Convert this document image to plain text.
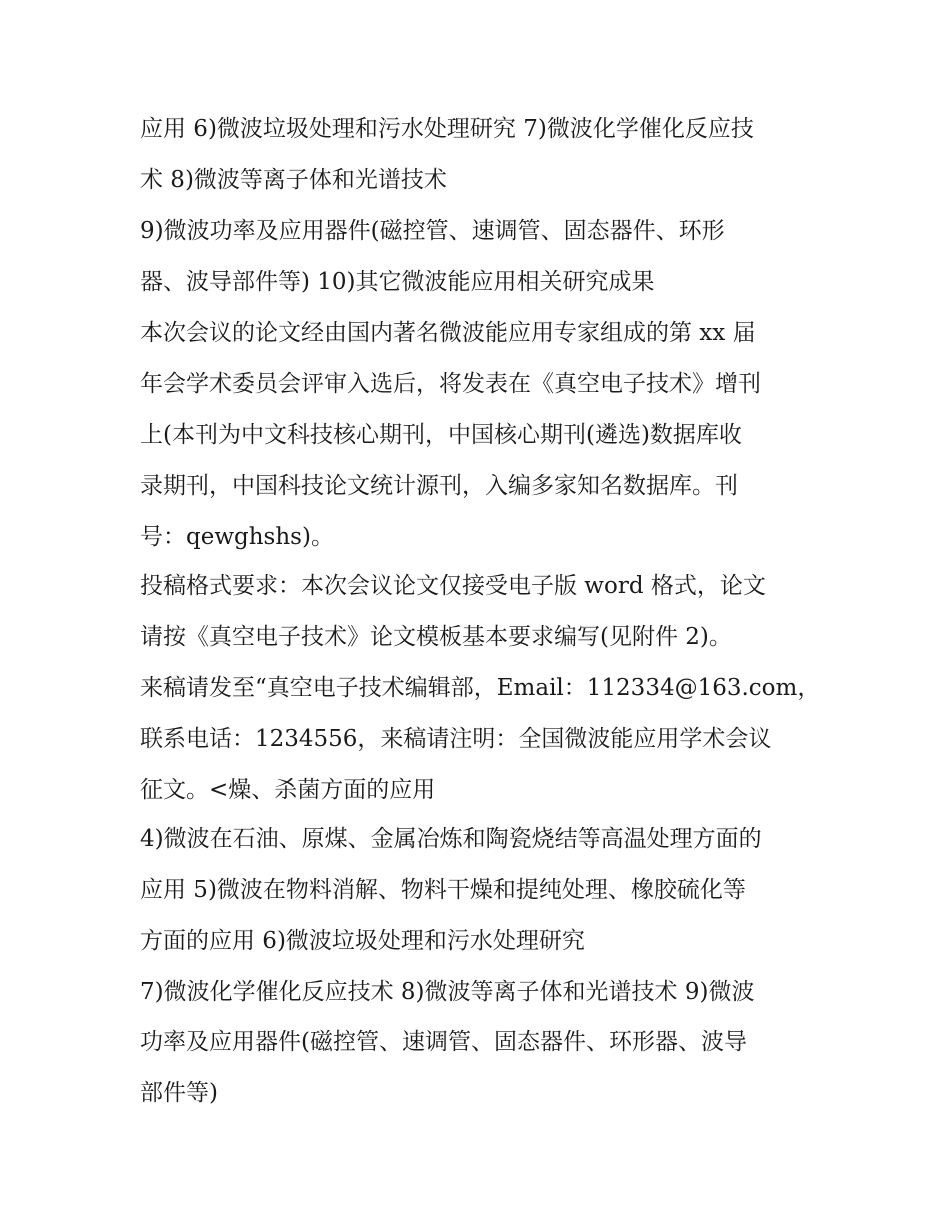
应用 6)微波垃圾处理和污水处理研究 7)微波化学催化反应技
术 8)微波等离子体和光谱技术
9)微波功率及应用器件(磁控管、速调管、固态器件、环形
器、波导部件等) 10)其它微波能应用相关研究成果
本次会议的论文经由国内著名微波能应用专家组成的第 xx 届
年会学术委员会评审入选后，将发表在《真空电子技术》增刊
上(本刊为中文科技核心期刊，中国核心期刊(遴选)数据库收
录期刊，中国科技论文统计源刊，入编多家知名数据库。刊
号：qewghshs)。
投稿格式要求：本次会议论文仅接受电子版 word 格式，论文
请按《真空电子技术》论文模板基本要求编写(见附件 2)。
来稿请发至“真空电子技术编辑部，Email：112334@163.com，
联系电话：1234556，来稿请注明：全国微波能应用学术会议
征文。<燥、杀菌方面的应用
4)微波在石油、原煤、金属冶炼和陶瓷烧结等高温处理方面的
应用 5)微波在物料消解、物料干燥和提纯处理、橡胶硫化等
方面的应用 6)微波垃圾处理和污水处理研究
7)微波化学催化反应技术 8)微波等离子体和光谱技术 9)微波
功率及应用器件(磁控管、速调管、固态器件、环形器、波导
部件等)
